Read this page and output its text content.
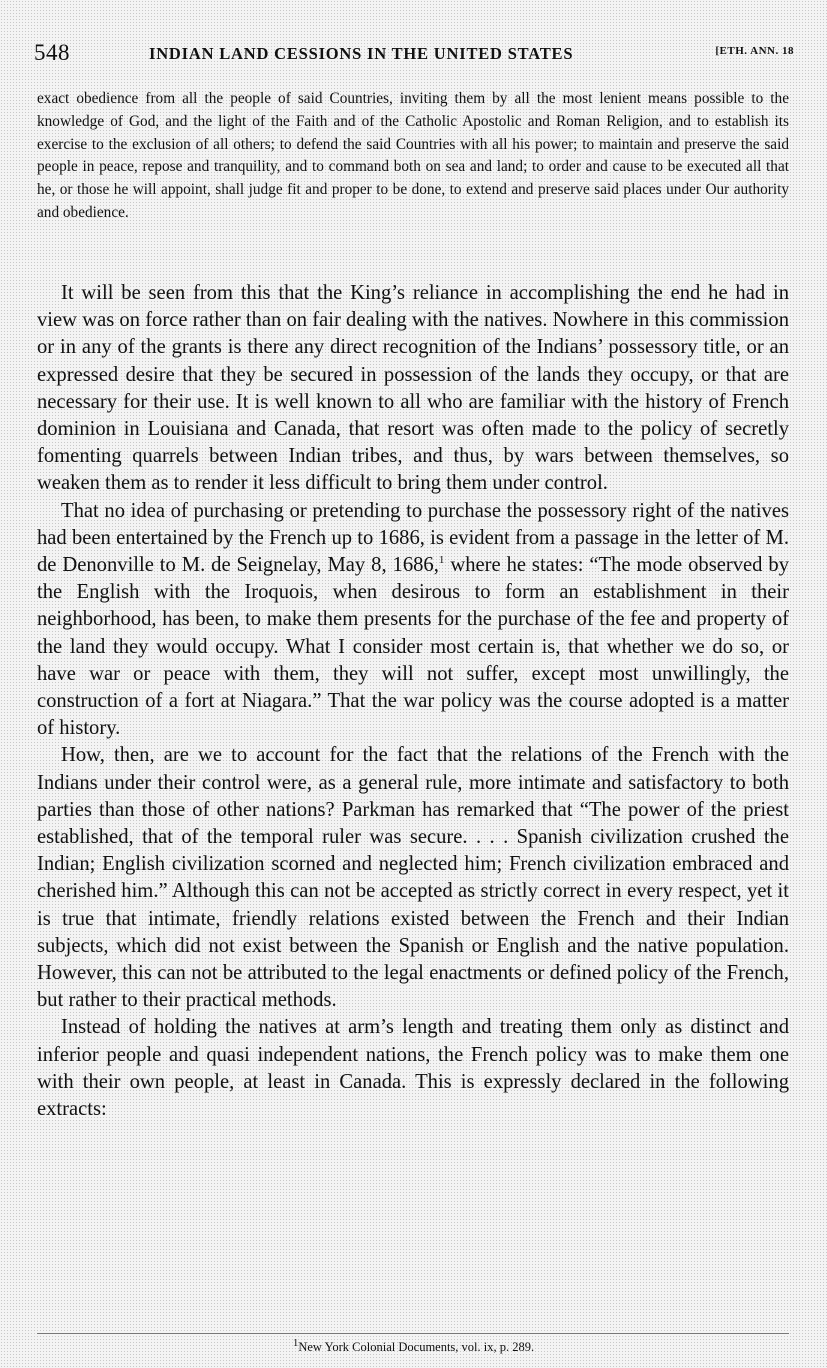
548	INDIAN LAND CESSIONS IN THE UNITED STATES	[ETH. ANN. 18

exact obedience from all the people of said Countries, inviting them by all the most lenient means possible to the knowledge of God, and the light of the Faith and of the Catholic Apostolic and Roman Religion, and to establish its exercise to the exclusion of all others; to defend the said Countries with all his power; to maintain and preserve the said people in peace, repose and tranquility, and to command both on sea and land; to order and cause to be executed all that he, or those he will appoint, shall judge fit and proper to be done, to extend and preserve said places under Our authority and obedience.

It will be seen from this that the King’s reliance in accomplishing the end he had in view was on force rather than on fair dealing with the natives. Nowhere in this commission or in any of the grants is there any direct recognition of the Indians’ possessory title, or an expressed desire that they be secured in possession of the lands they occupy, or that are necessary for their use. It is well known to all who are familiar with the history of French dominion in Louisiana and Canada, that resort was often made to the policy of secretly fomenting quarrels between Indian tribes, and thus, by wars between themselves, so weaken them as to render it less difficult to bring them under control.

That no idea of purchasing or pretending to purchase the possessory right of the natives had been entertained by the French up to 1686, is evident from a passage in the letter of M. de Denonville to M. de Seignelay, May 8, 1686,$^1$ where he states: “The mode observed by the English with the Iroquois, when desirous to form an establishment in their neighborhood, has been, to make them presents for the purchase of the fee and property of the land they would occupy. What I consider most certain is, that whether we do so, or have war or peace with them, they will not suffer, except most unwillingly, the construction of a fort at Niagara.” That the war policy was the course adopted is a matter of history.

How, then, are we to account for the fact that the relations of the French with the Indians under their control were, as a general rule, more intimate and satisfactory to both parties than those of other nations? Parkman has remarked that “The power of the priest established, that of the temporal ruler was secure. . . . Spanish civilization crushed the Indian; English civilization scorned and neglected him; French civilization embraced and cherished him.” Although this can not be accepted as strictly correct in every respect, yet it is true that intimate, friendly relations existed between the French and their Indian subjects, which did not exist between the Spanish or English and the native population. However, this can not be attributed to the legal enactments or defined policy of the French, but rather to their practical methods.

Instead of holding the natives at arm’s length and treating them only as distinct and inferior people and quasi independent nations, the French policy was to make them one with their own people, at least in Canada. This is expressly declared in the following extracts:

$^1$New York Colonial Documents, vol. ix, p. 289.
